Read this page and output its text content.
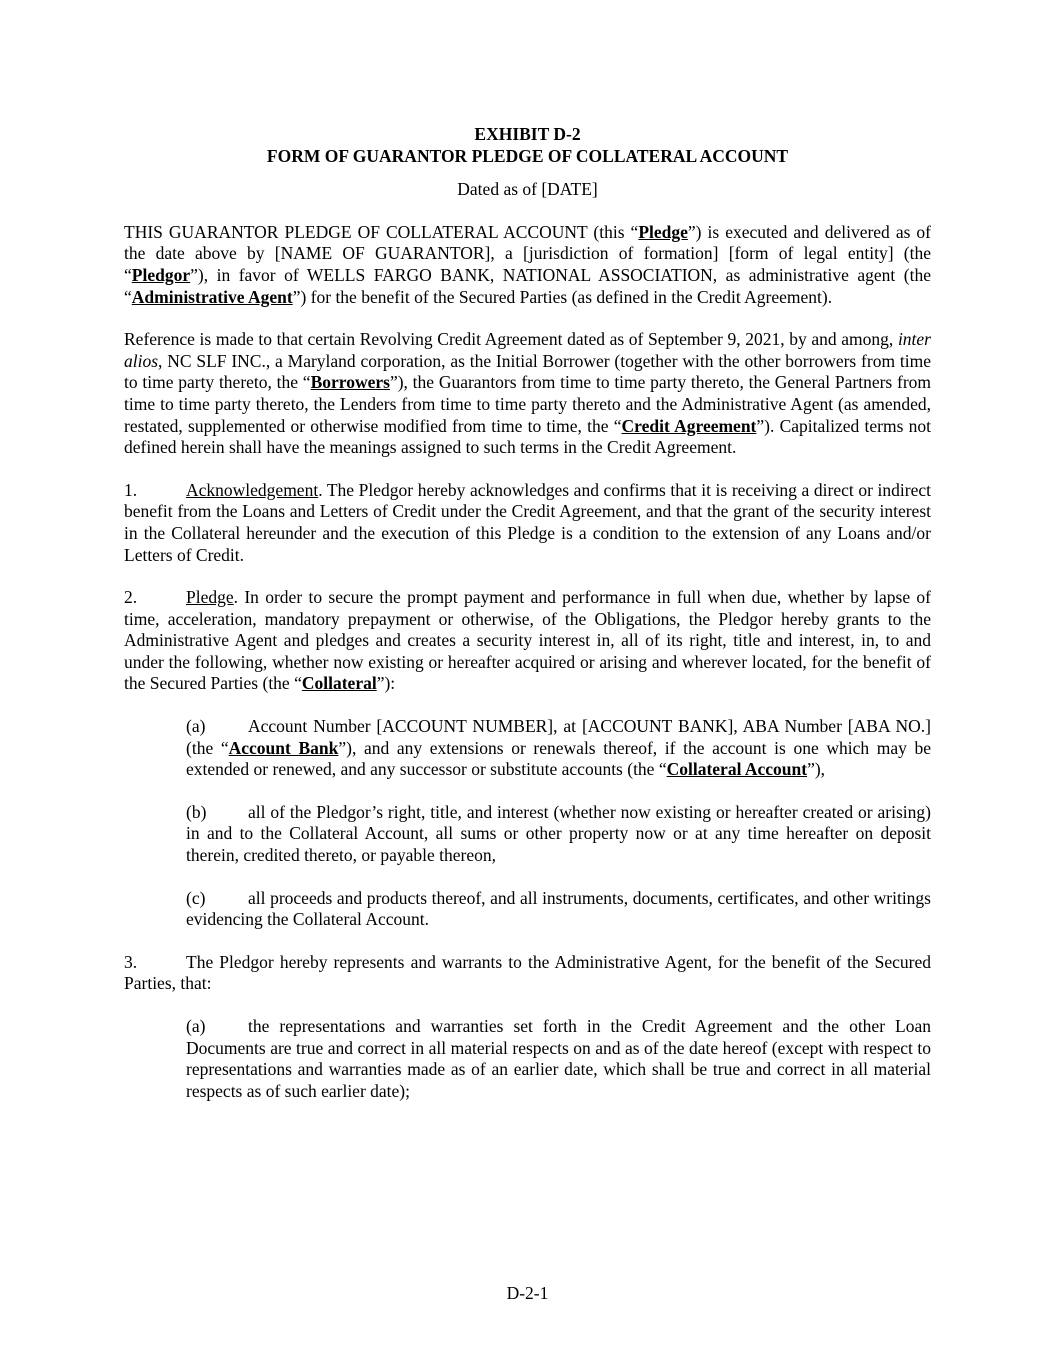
EXHIBIT D-2
FORM OF GUARANTOR PLEDGE OF COLLATERAL ACCOUNT
Dated as of [DATE]

THIS GUARANTOR PLEDGE OF COLLATERAL ACCOUNT (this “Pledge”) is executed and delivered as of the date above by [NAME OF GUARANTOR], a [jurisdiction of formation] [form of legal entity] (the “Pledgor”), in favor of WELLS FARGO BANK, NATIONAL ASSOCIATION, as administrative agent (the “Administrative Agent”) for the benefit of the Secured Parties (as defined in the Credit Agreement).

Reference is made to that certain Revolving Credit Agreement dated as of September 9, 2021, by and among, inter alios, NC SLF INC., a Maryland corporation, as the Initial Borrower (together with the other borrowers from time to time party thereto, the “Borrowers”), the Guarantors from time to time party thereto, the General Partners from time to time party thereto, the Lenders from time to time party thereto and the Administrative Agent (as amended, restated, supplemented or otherwise modified from time to time, the “Credit Agreement”). Capitalized terms not defined herein shall have the meanings assigned to such terms in the Credit Agreement.

1.	Acknowledgement. The Pledgor hereby acknowledges and confirms that it is receiving a direct or indirect benefit from the Loans and Letters of Credit under the Credit Agreement, and that the grant of the security interest in the Collateral hereunder and the execution of this Pledge is a condition to the extension of any Loans and/or Letters of Credit.

2.	Pledge. In order to secure the prompt payment and performance in full when due, whether by lapse of time, acceleration, mandatory prepayment or otherwise, of the Obligations, the Pledgor hereby grants to the Administrative Agent and pledges and creates a security interest in, all of its right, title and interest, in, to and under the following, whether now existing or hereafter acquired or arising and wherever located, for the benefit of the Secured Parties (the “Collateral”):

(a) Account Number [ACCOUNT NUMBER], at [ACCOUNT BANK], ABA Number [ABA NO.] (the “Account Bank”), and any extensions or renewals thereof, if the account is one which may be extended or renewed, and any successor or substitute accounts (the “Collateral Account”),

(b) all of the Pledgor’s right, title, and interest (whether now existing or hereafter created or arising) in and to the Collateral Account, all sums or other property now or at any time hereafter on deposit therein, credited thereto, or payable thereon,

(c) all proceeds and products thereof, and all instruments, documents, certificates, and other writings evidencing the Collateral Account.

3.	The Pledgor hereby represents and warrants to the Administrative Agent, for the benefit of the Secured Parties, that:

(a) the representations and warranties set forth in the Credit Agreement and the other Loan Documents are true and correct in all material respects on and as of the date hereof (except with respect to representations and warranties made as of an earlier date, which shall be true and correct in all material respects as of such earlier date);

D-2-1
